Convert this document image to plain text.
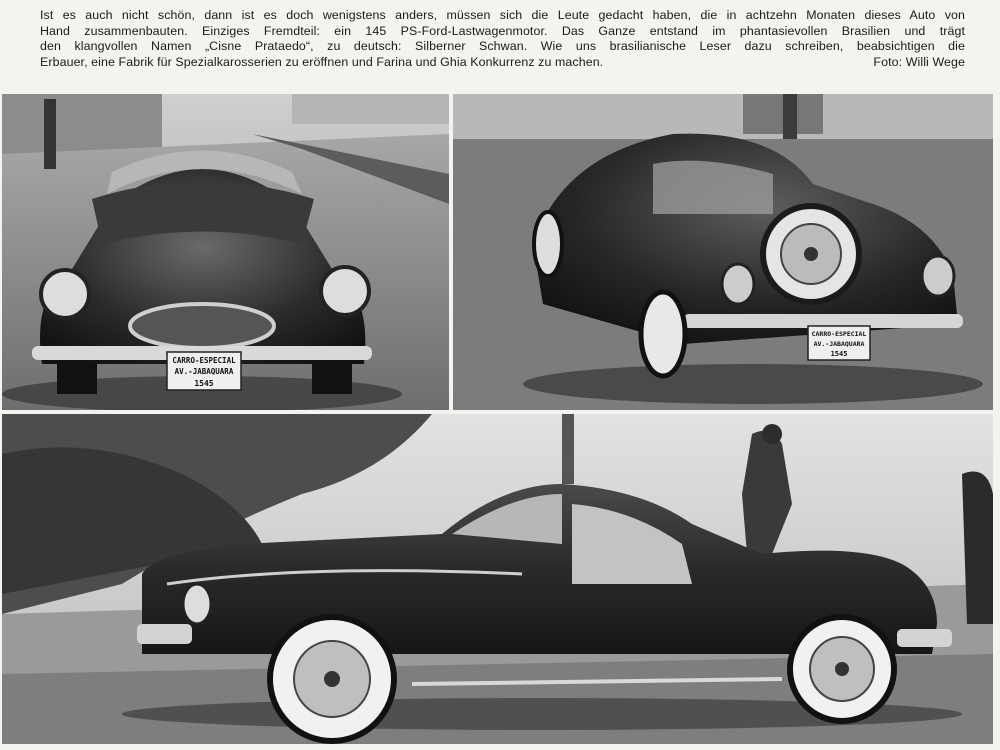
Ist es auch nicht schön, dann ist es doch wenigstens anders, müssen sich die Leute gedacht haben, die in achtzehn Monaten dieses Auto von
Hand zusammenbauten. Einziges Fremdteil: ein 145 PS-Ford-Lastwagenmotor. Das Ganze entstand im phantasievollen Brasilien und trägt
den klangvollen Namen „Cisne Prataedo“, zu deutsch: Silberner Schwan. Wie uns brasilianische Leser dazu schreiben, beabsichtigen die
Erbauer, eine Fabrik für Spezialkarosserien zu eröffnen und Farina und Ghia Konkurrenz zu machen.	Foto: Willi Wege
CARRO-ESPECIAL
AV.-JABAQUARA
1545
CARRO-ESPECIAL
AV.-JABAQUARA
1545
